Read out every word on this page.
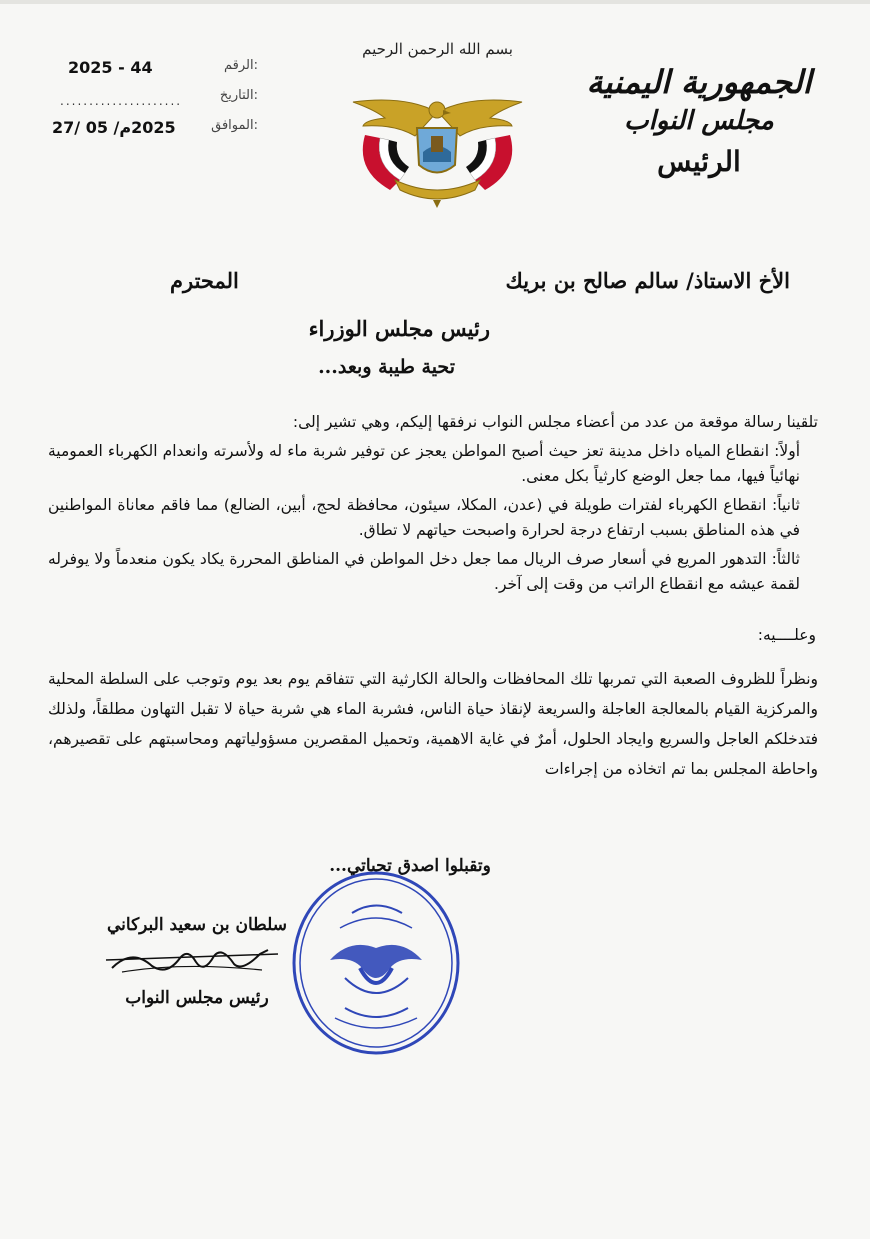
الرقم:
2025 - 44
التاريخ:
.....................
الموافق:
2025م/ 05 /27
بسم الله الرحمن الرحيم
الجمهورية اليمنية
مجلس النواب
الرئيس
الأخ الاستاذ/ سالم صالح بن بريك
المحترم
رئيس مجلس الوزراء
تحية طيبة وبعد...

تلقينا رسالة موقعة من عدد من أعضاء مجلس النواب نرفقها إليكم، وهي تشير إلى:

أولاً: انقطاع المياه داخل مدينة تعز حيث أصبح المواطن يعجز عن توفير شربة ماء له ولأسرته وانعدام الكهرباء العمومية نهائياً فيها، مما جعل الوضع كارثياً بكل معنى.

ثانياً: انقطاع الكهرباء لفترات طويلة في (عدن، المكلا، سيئون، محافظة لحج، أبين، الضالع) مما فاقم معاناة المواطنين في هذه المناطق بسبب ارتفاع درجة لحرارة واصبحت حياتهم لا تطاق.

ثالثاً: التدهور المريع في أسعار صرف الريال مما جعل دخل المواطن في المناطق المحررة يكاد يكون منعدماً ولا يوفرله لقمة عيشه مع انقطاع الراتب من وقت إلى آخر.

وعلــــيه:

ونظراً للظروف الصعبة التي تمربها تلك المحافظات والحالة الكارثية التي تتفاقم يوم بعد يوم وتوجب على السلطة المحلية والمركزية القيام بالمعالجة العاجلة والسريعة لإنقاذ حياة الناس، فشربة الماء هي شربة حياة لا تقبل التهاون مطلقاً، ولذلك فتدخلكم العاجل والسريع وايجاد الحلول، أمرٌ في غاية الاهمية، وتحميل المقصرين مسؤولياتهم ومحاسبتهم على تقصيرهم، واحاطة المجلس بما تم اتخاذه من إجراءات

وتقبلوا اصدق تحياتي...
سلطان بن سعيد البركاني
رئيس مجلس النواب
